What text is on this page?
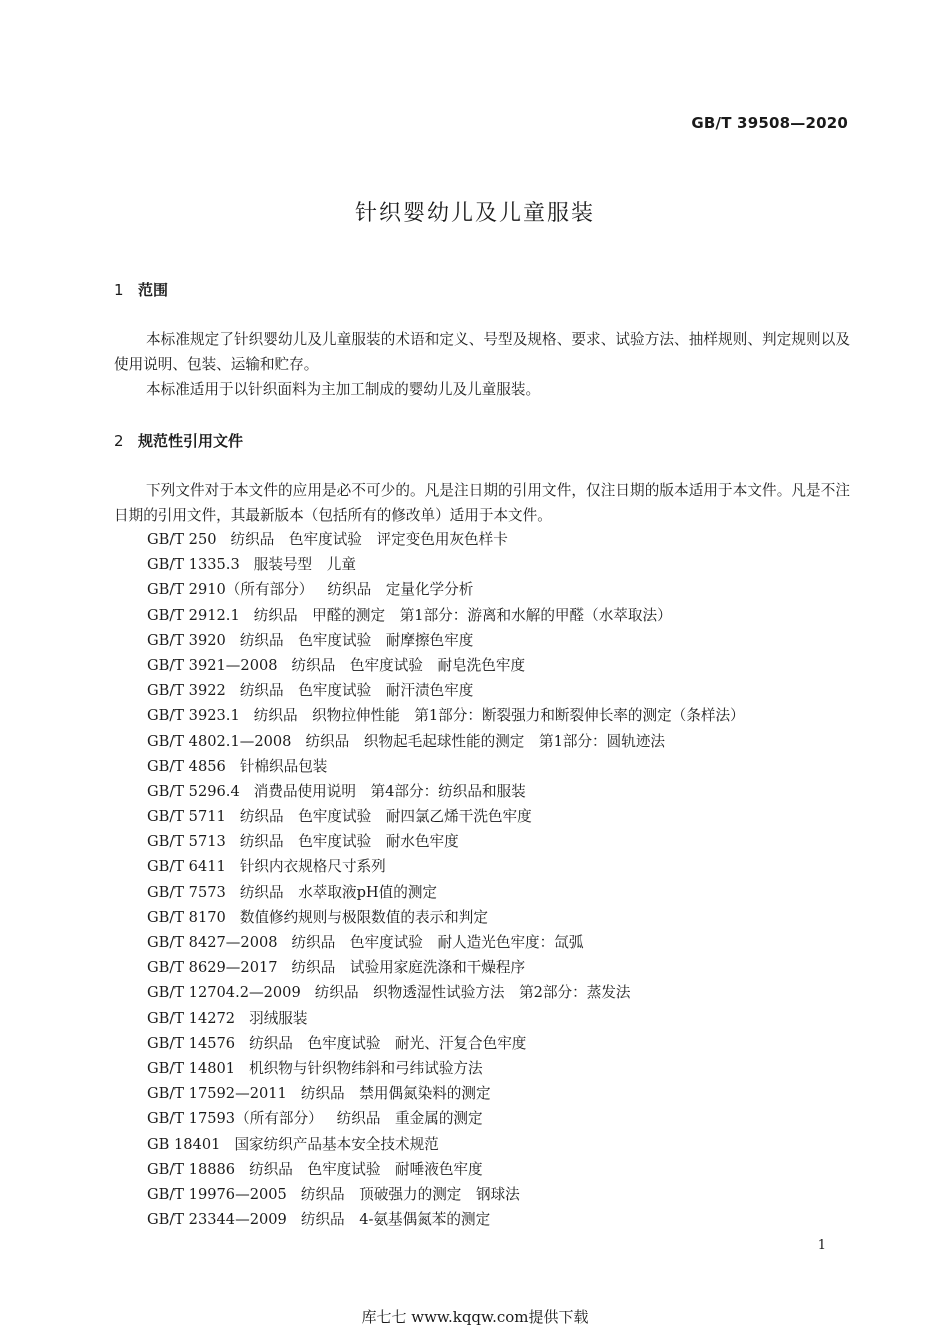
GB/T 39508—2020
针织婴幼儿及儿童服装
1 范围

本标准规定了针织婴幼儿及儿童服装的术语和定义、号型及规格、要求、试验方法、抽样规则、判定规则以及使用说明、包装、运输和贮存。

本标准适用于以针织面料为主加工制成的婴幼儿及儿童服装。

2 规范性引用文件

下列文件对于本文件的应用是必不可少的。凡是注日期的引用文件，仅注日期的版本适用于本文件。凡是不注日期的引用文件，其最新版本（包括所有的修改单）适用于本文件。

GB/T 250 纺织品　色牢度试验　评定变色用灰色样卡
GB/T 1335.3 服装号型　儿童
GB/T 2910（所有部分） 纺织品　定量化学分析
GB/T 2912.1 纺织品　甲醛的测定　第1部分：游离和水解的甲醛（水萃取法）
GB/T 3920 纺织品　色牢度试验　耐摩擦色牢度
GB/T 3921—2008 纺织品　色牢度试验　耐皂洗色牢度
GB/T 3922 纺织品　色牢度试验　耐汗渍色牢度
GB/T 3923.1 纺织品　织物拉伸性能　第1部分：断裂强力和断裂伸长率的测定（条样法）
GB/T 4802.1—2008 纺织品　织物起毛起球性能的测定　第1部分：圆轨迹法
GB/T 4856 针棉织品包装
GB/T 5296.4 消费品使用说明　第4部分：纺织品和服装
GB/T 5711 纺织品　色牢度试验　耐四氯乙烯干洗色牢度
GB/T 5713 纺织品　色牢度试验　耐水色牢度
GB/T 6411 针织内衣规格尺寸系列
GB/T 7573 纺织品　水萃取液pH值的测定
GB/T 8170 数值修约规则与极限数值的表示和判定
GB/T 8427—2008 纺织品　色牢度试验　耐人造光色牢度：氙弧
GB/T 8629—2017 纺织品　试验用家庭洗涤和干燥程序
GB/T 12704.2—2009 纺织品　织物透湿性试验方法　第2部分：蒸发法
GB/T 14272 羽绒服装
GB/T 14576 纺织品　色牢度试验　耐光、汗复合色牢度
GB/T 14801 机织物与针织物纬斜和弓纬试验方法
GB/T 17592—2011 纺织品　禁用偶氮染料的测定
GB/T 17593（所有部分） 纺织品　重金属的测定
GB 18401 国家纺织产品基本安全技术规范
GB/T 18886 纺织品　色牢度试验　耐唾液色牢度
GB/T 19976—2005 纺织品　顶破强力的测定　钢球法
GB/T 23344—2009 纺织品　4-氨基偶氮苯的测定
1
库七七 www.kqqw.com提供下载
